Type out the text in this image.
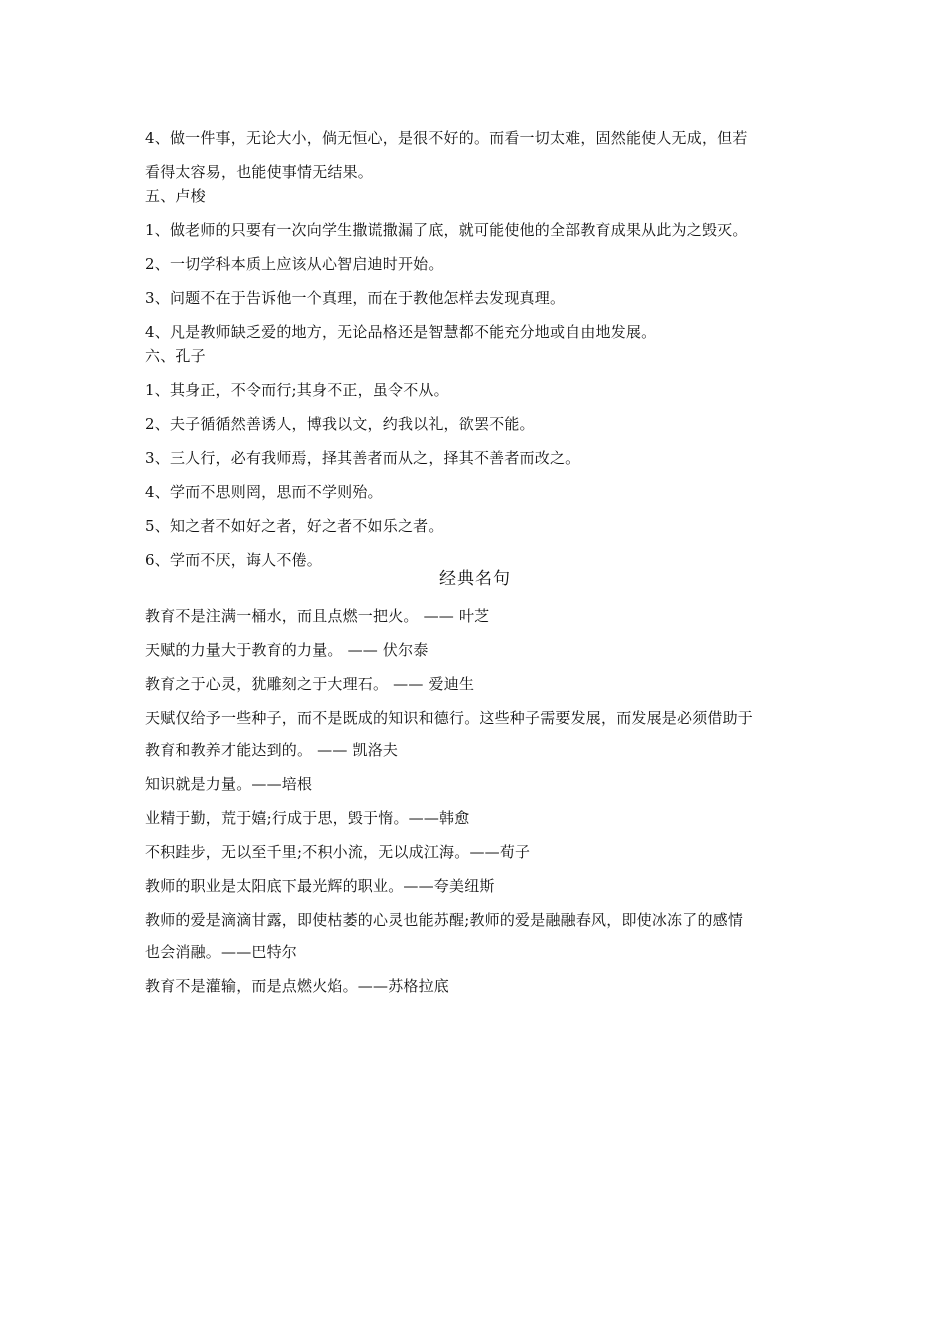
4、做一件事，无论大小，倘无恒心，是很不好的。而看一切太难，固然能使人无成，但若
看得太容易，也能使事情无结果。
五、卢梭
1、做老师的只要有一次向学生撒谎撒漏了底，就可能使他的全部教育成果从此为之毁灭。
2、一切学科本质上应该从心智启迪时开始。
3、问题不在于告诉他一个真理，而在于教他怎样去发现真理。
4、凡是教师缺乏爱的地方，无论品格还是智慧都不能充分地或自由地发展。
六、孔子
1、其身正，不令而行;其身不正，虽令不从。
2、夫子循循然善诱人，博我以文，约我以礼，欲罢不能。
3、三人行，必有我师焉，择其善者而从之，择其不善者而改之。
4、学而不思则罔，思而不学则殆。
5、知之者不如好之者，好之者不如乐之者。
6、学而不厌，诲人不倦。
经典名句
教育不是注满一桶水，而且点燃一把火。 —— 叶芝
天赋的力量大于教育的力量。 —— 伏尔泰
教育之于心灵，犹雕刻之于大理石。 —— 爱迪生
天赋仅给予一些种子，而不是既成的知识和德行。这些种子需要发展，而发展是必须借助于
教育和教养才能达到的。 —— 凯洛夫
知识就是力量。——培根
业精于勤，荒于嬉;行成于思，毁于惰。——韩愈
不积跬步，无以至千里;不积小流，无以成江海。——荀子
教师的职业是太阳底下最光辉的职业。——夸美纽斯
教师的爱是滴滴甘露，即使枯萎的心灵也能苏醒;教师的爱是融融春风，即使冰冻了的感情
也会消融。——巴特尔
教育不是灌输，而是点燃火焰。——苏格拉底
